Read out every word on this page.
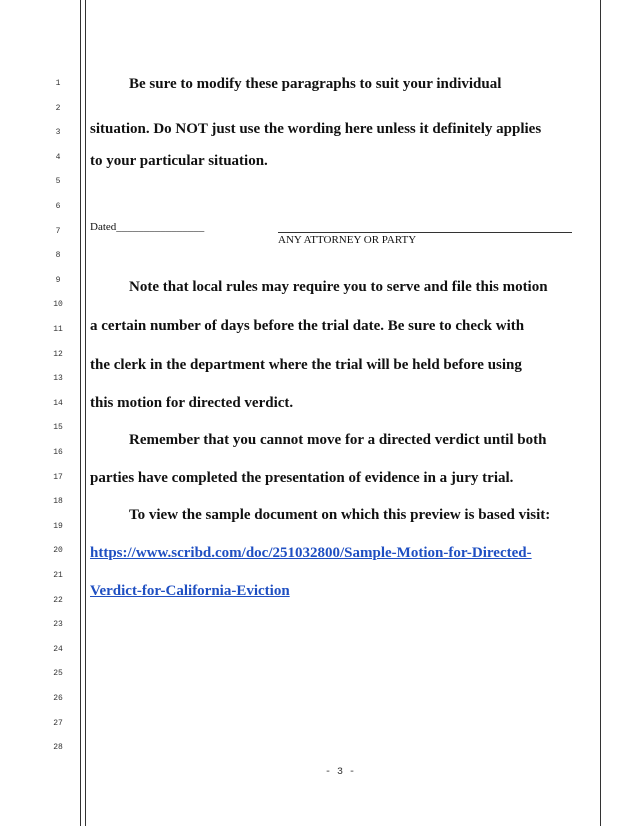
1
2
3
4
5
6
7
8
9
10
11
12
13
14
15
16
17
18
19
20
21
22
23
24
25
26
27
28
Be sure to modify these paragraphs to suit your individual
situation. Do NOT just use the wording here unless it definitely applies
to your particular situation.
Dated________________
ANY ATTORNEY OR PARTY
Note that local rules may require you to serve and file this motion
a certain number of days before the trial date. Be sure to check with
the clerk in the department where the trial will be held before using
this motion for directed verdict.
Remember that you cannot move for a directed verdict until both
parties have completed the presentation of evidence in a jury trial.
To view the sample document on which this preview is based visit:
https://www.scribd.com/doc/251032800/Sample-Motion-for-Directed-
Verdict-for-California-Eviction
- 3 -
